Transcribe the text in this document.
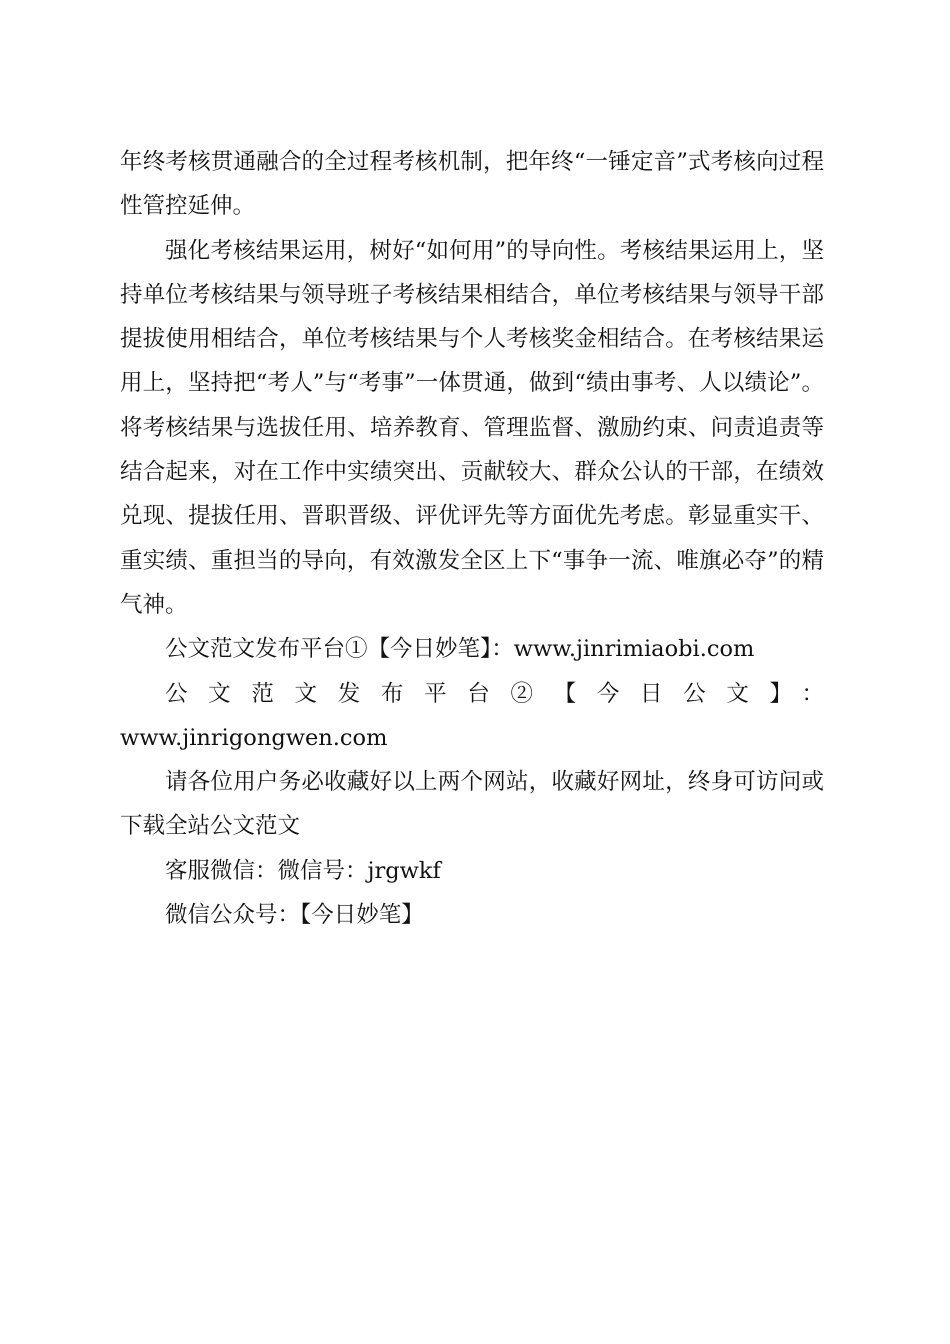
年终考核贯通融合的全过程考核机制，把年终“一锤定音”式考核向过程性管控延伸。

强化考核结果运用，树好“如何用”的导向性。考核结果运用上，坚持单位考核结果与领导班子考核结果相结合，单位考核结果与领导干部提拔使用相结合，单位考核结果与个人考核奖金相结合。在考核结果运用上，坚持把“考人”与“考事”一体贯通，做到“绩由事考、人以绩论”。将考核结果与选拔任用、培养教育、管理监督、激励约束、问责追责等结合起来，对在工作中实绩突出、贡献较大、群众公认的干部，在绩效兑现、提拔任用、晋职晋级、评优评先等方面优先考虑。彰显重实干、重实绩、重担当的导向，有效激发全区上下“事争一流、唯旗必夺”的精气神。

公文范文发布平台①【今日妙笔】：www.jinrimiaobi.com

公文范文发布平台②【今日公文】：
www.jinrigongwen.com

请各位用户务必收藏好以上两个网站，收藏好网址，终身可访问或下载全站公文范文

客服微信：微信号：jrgwkf

微信公众号：【今日妙笔】
